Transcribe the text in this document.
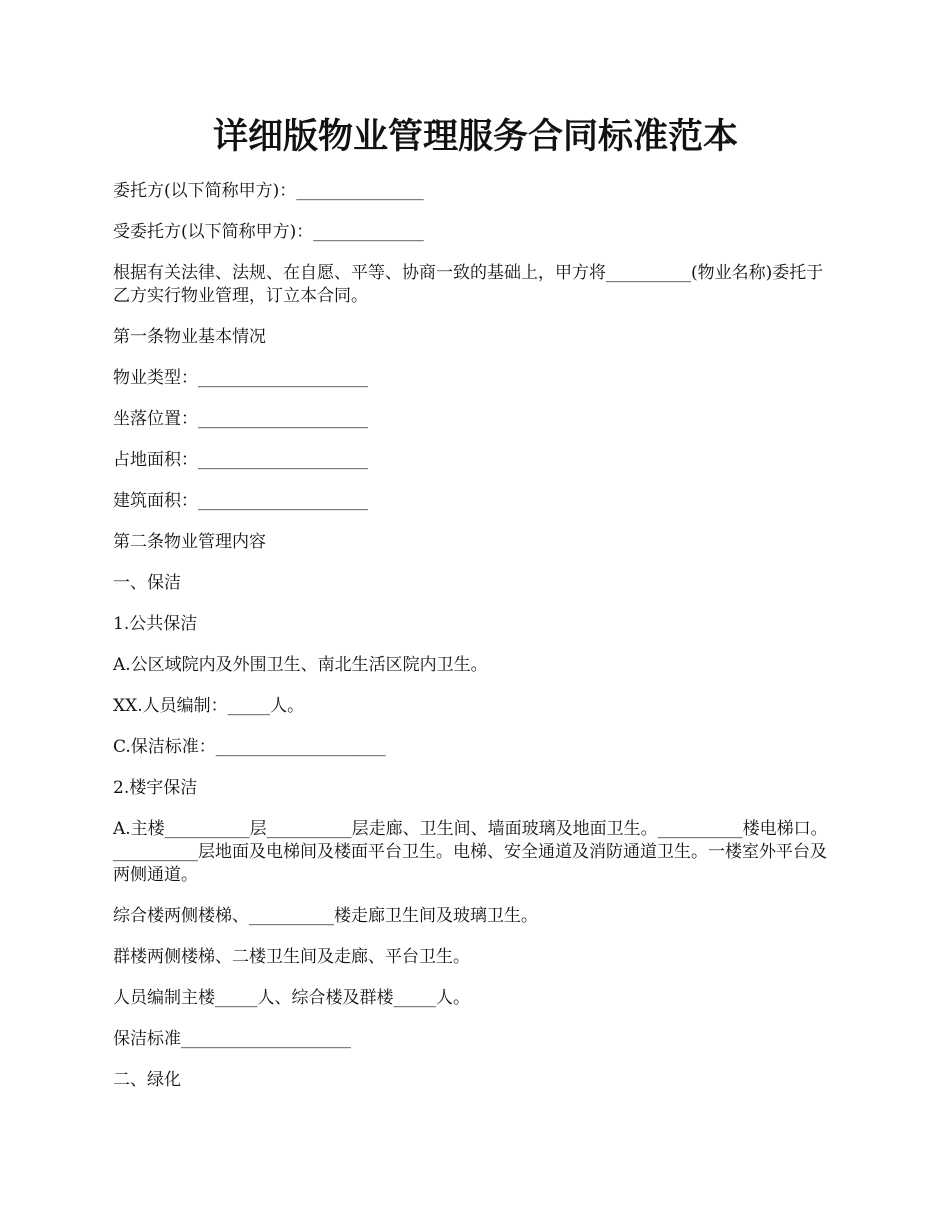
详细版物业管理服务合同标准范本

委托方(以下简称甲方)：_______________

受委托方(以下简称甲方)：_____________

根据有关法律、法规、在自愿、平等、协商一致的基础上，甲方将__________(物业名称)委托于乙方实行物业管理，订立本合同。

第一条物业基本情况

物业类型：____________________

坐落位置：____________________

占地面积：____________________

建筑面积：____________________

第二条物业管理内容

一、保洁

1.公共保洁

A.公区域院内及外围卫生、南北生活区院内卫生。

XX.人员编制：_____人。

C.保洁标准：____________________

2.楼宇保洁

A.主楼__________层__________层走廊、卫生间、墙面玻璃及地面卫生。__________楼电梯口。__________层地面及电梯间及楼面平台卫生。电梯、安全通道及消防通道卫生。一楼室外平台及两侧通道。

综合楼两侧楼梯、__________楼走廊卫生间及玻璃卫生。

群楼两侧楼梯、二楼卫生间及走廊、平台卫生。

人员编制主楼_____人、综合楼及群楼_____人。

保洁标准____________________

二、绿化
